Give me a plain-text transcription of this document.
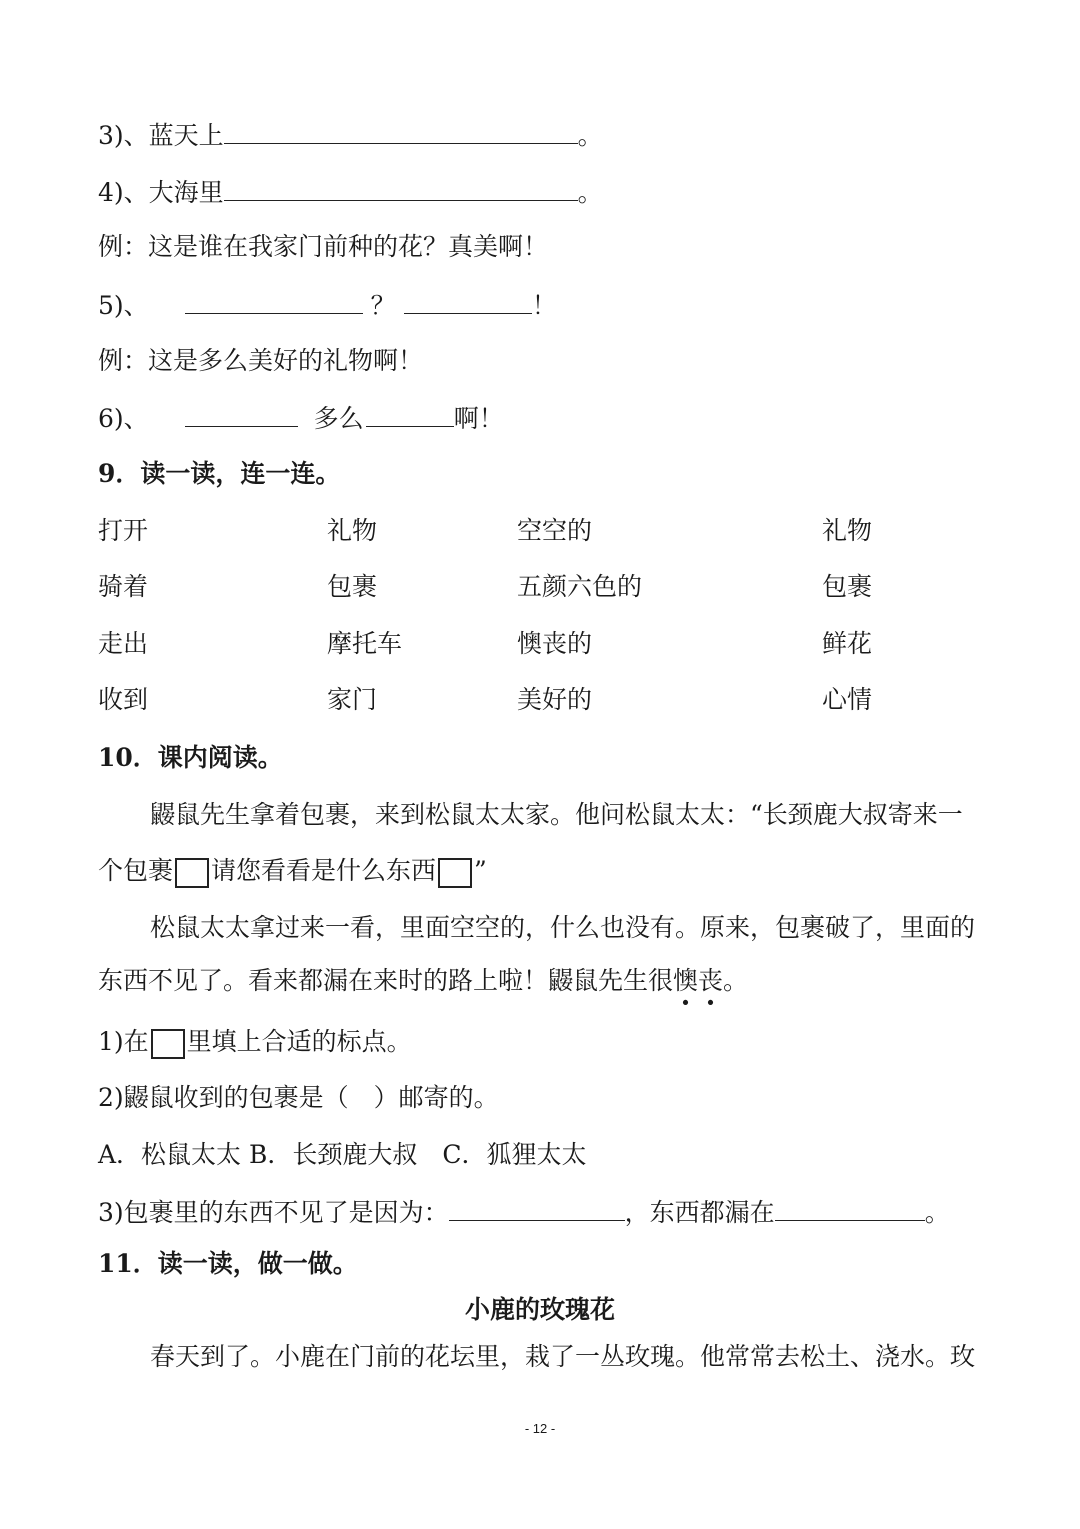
3)、蓝天上	。
4)、大海里	。
例：这是谁在我家门前种的花？真美啊！
5)、	？	！
例：这是多么美好的礼物啊！
6)、	多么	啊！
9．读一读，连一连。
打开	礼物	空空的	礼物
骑着	包裹	五颜六色的	包裹
走出	摩托车	懊丧的	鲜花
收到	家门	美好的	心情
10．课内阅读。
鼹鼠先生拿着包裹，来到松鼠太太家。他问松鼠太太：“长颈鹿大叔寄来一
个包裹 请您看看是什么东西 ”
松鼠太太拿过来一看，里面空空的，什么也没有。原来，包裹破了，里面的
东西不见了。看来都漏在来时的路上啦！鼹鼠先生很懊丧。
1)在 里填上合适的标点。
2)鼹鼠收到的包裹是（　）邮寄的。
A．松鼠太太 B．长颈鹿大叔　C．狐狸太太
3)包裹里的东西不见了是因为：	，东西都漏在	。
11．读一读，做一做。
小鹿的玫瑰花
春天到了。小鹿在门前的花坛里，栽了一丛玫瑰。他常常去松土、浇水。玫
- 12 -
